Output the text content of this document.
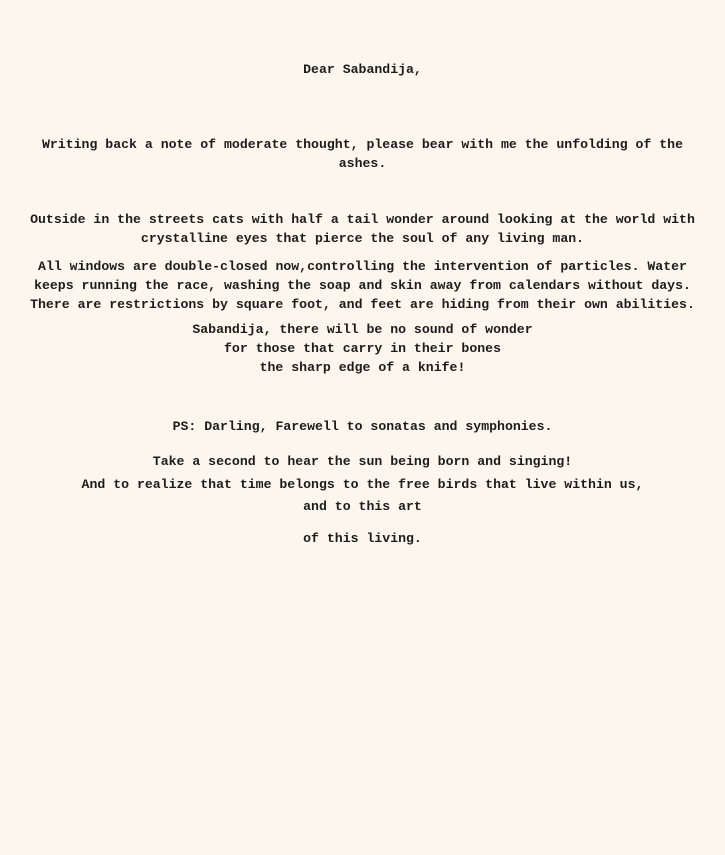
Dear Sabandija,

Writing back a note of moderate thought, please bear with me the unfolding of the
ashes.

Outside in the streets cats with half a tail wonder around looking at the world with
crystalline eyes that pierce the soul of any living man.

All windows are double-closed now,controlling the intervention of particles. Water
keeps running the race, washing the soap and skin away from calendars without days.
There are restrictions by square foot, and feet are hiding from their own abilities.

Sabandija, there will be no sound of wonder
for those that carry in their bones
the sharp edge of a knife!

PS: Darling, Farewell to sonatas and symphonies.

Take a second to hear the sun being born and singing!
And to realize that time belongs to the free birds that live within us,
and to this art

of this living.
